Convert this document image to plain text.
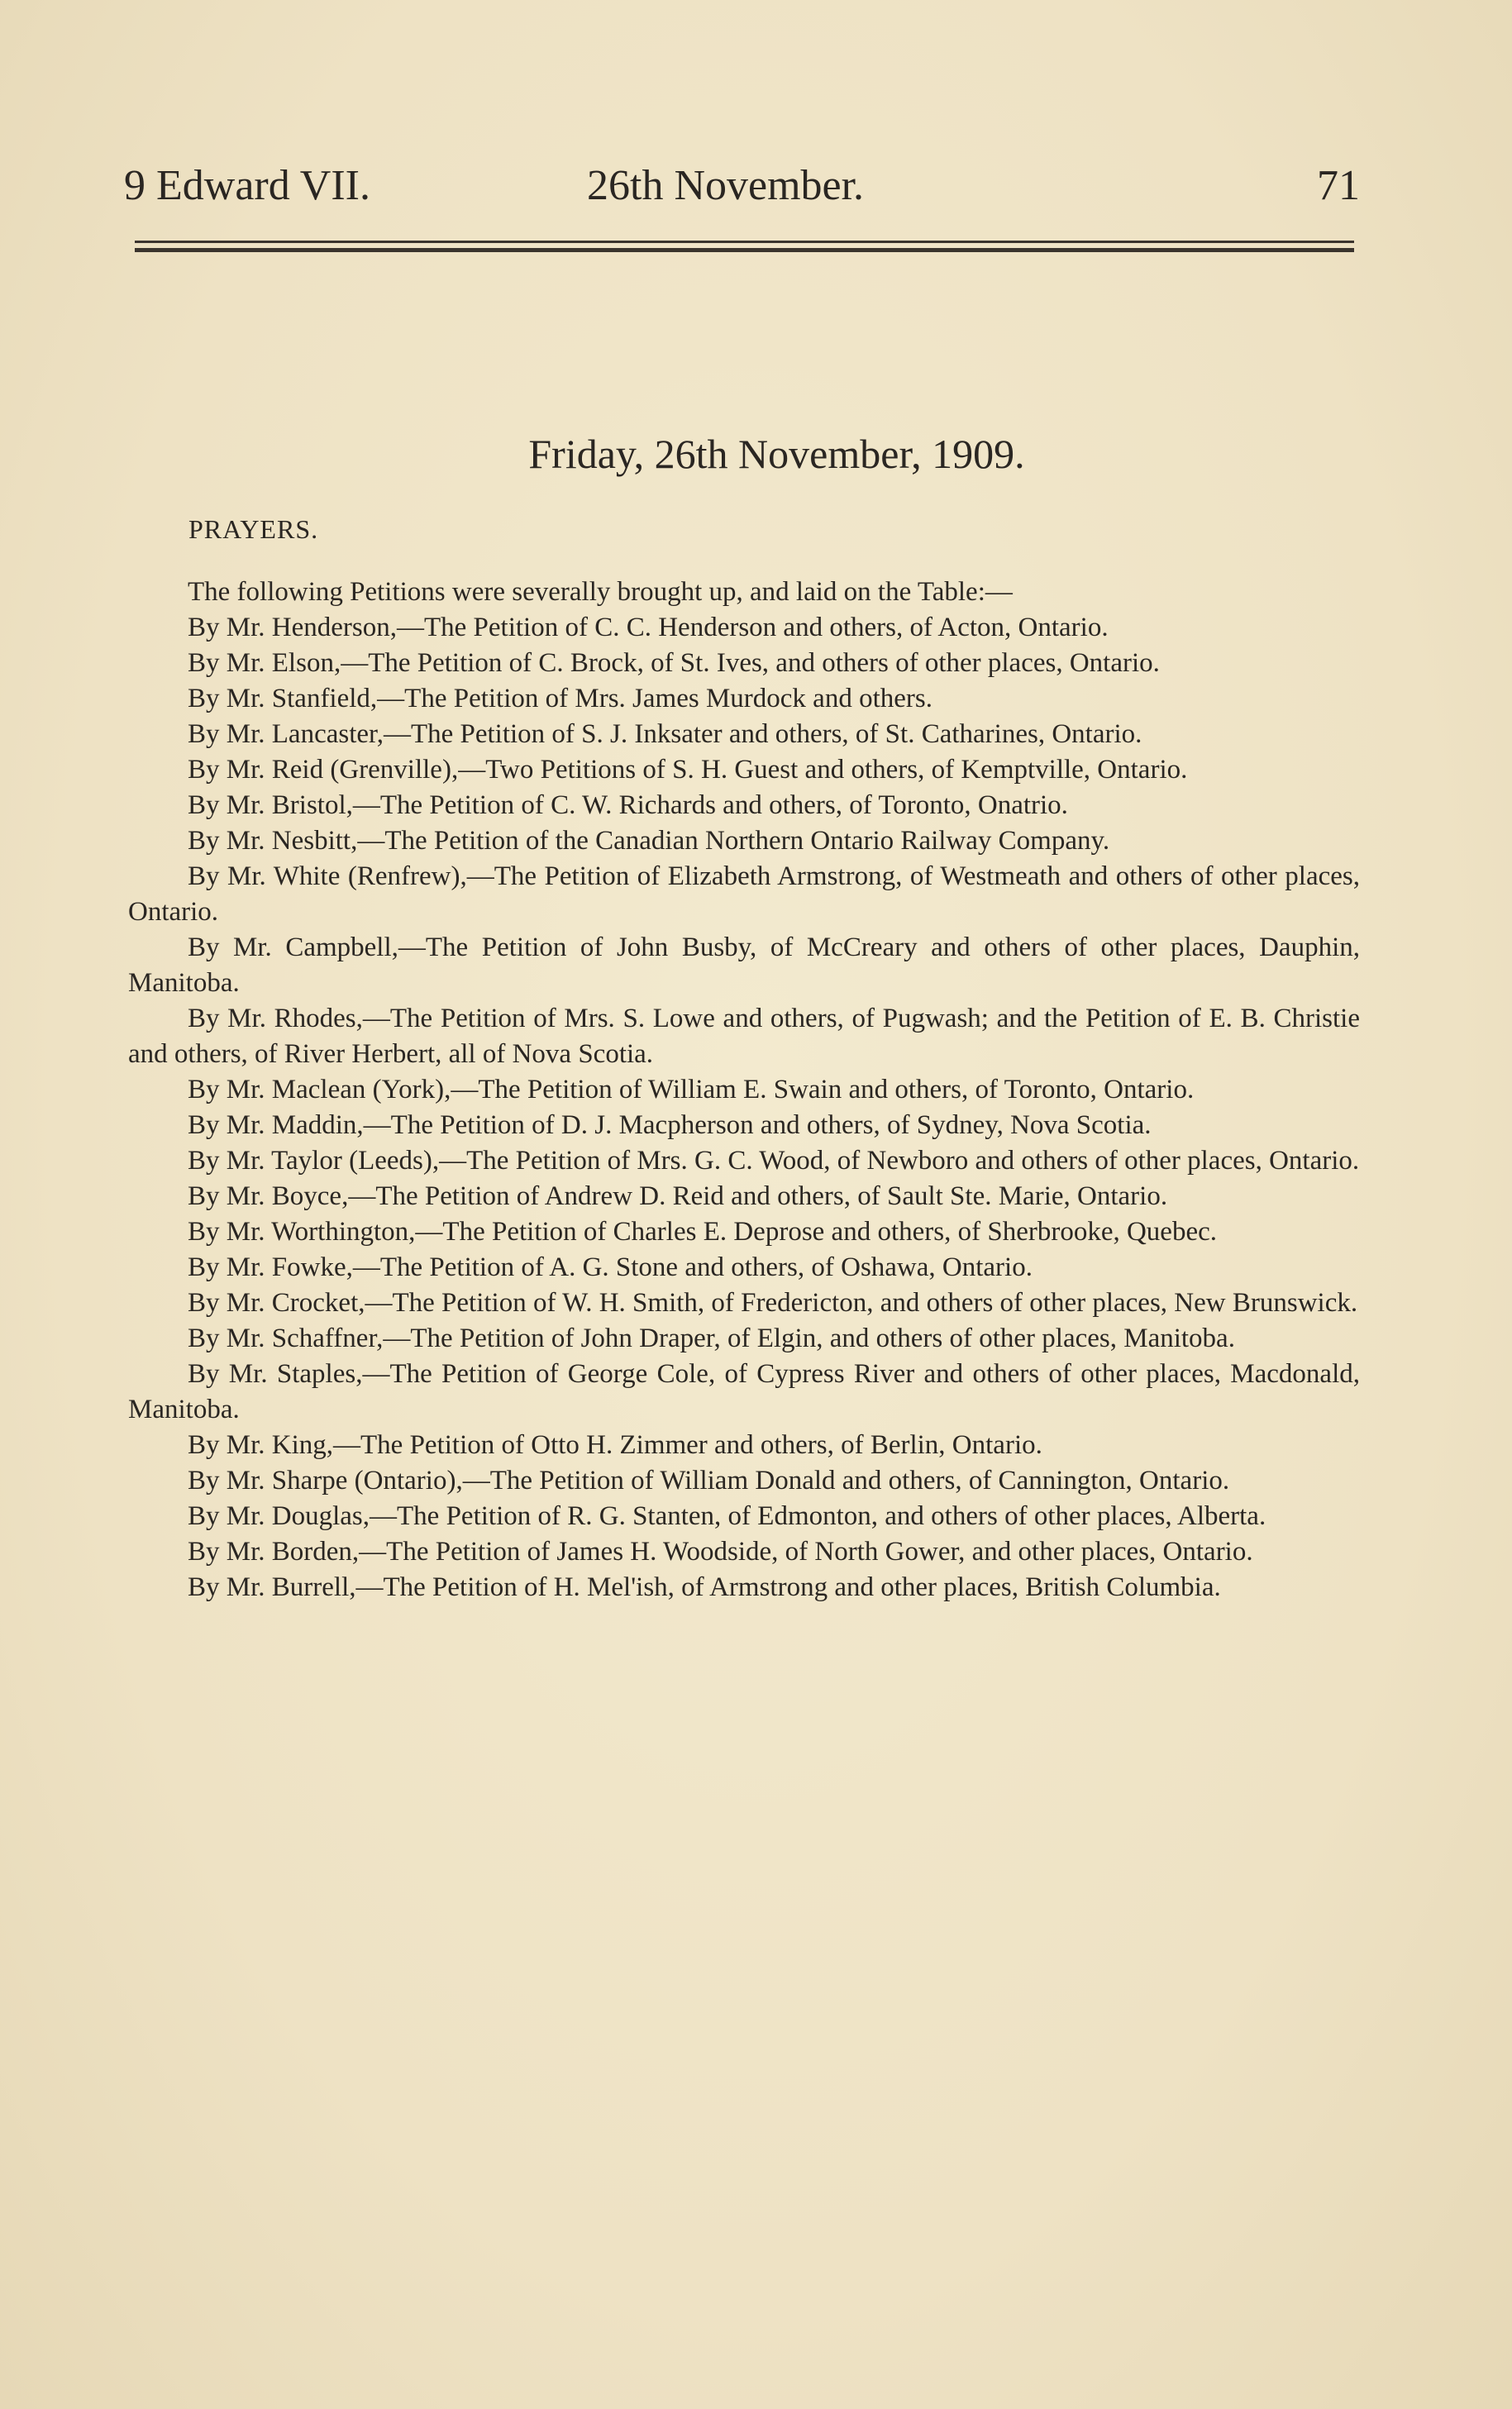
9 Edward VII.	26th November.	71
Friday, 26th November, 1909.
PRAYERS.

The following Petitions were severally brought up, and laid on the Table:—

By Mr. Henderson,—The Petition of C. C. Henderson and others, of Acton, Ontario.

By Mr. Elson,—The Petition of C. Brock, of St. Ives, and others of other places, Ontario.

By Mr. Stanfield,—The Petition of Mrs. James Murdock and others.

By Mr. Lancaster,—The Petition of S. J. Inksater and others, of St. Catharines, Ontario.

By Mr. Reid (Grenville),—Two Petitions of S. H. Guest and others, of Kemptville, Ontario.

By Mr. Bristol,—The Petition of C. W. Richards and others, of Toronto, Onatrio.

By Mr. Nesbitt,—The Petition of the Canadian Northern Ontario Railway Company.

By Mr. White (Renfrew),—The Petition of Elizabeth Armstrong, of Westmeath and others of other places, Ontario.

By Mr. Campbell,—The Petition of John Busby, of McCreary and others of other places, Dauphin, Manitoba.

By Mr. Rhodes,—The Petition of Mrs. S. Lowe and others, of Pugwash; and the Petition of E. B. Christie and others, of River Herbert, all of Nova Scotia.

By Mr. Maclean (York),—The Petition of William E. Swain and others, of Toronto, Ontario.

By Mr. Maddin,—The Petition of D. J. Macpherson and others, of Sydney, Nova Scotia.

By Mr. Taylor (Leeds),—The Petition of Mrs. G. C. Wood, of Newboro and others of other places, Ontario.

By Mr. Boyce,—The Petition of Andrew D. Reid and others, of Sault Ste. Marie, Ontario.

By Mr. Worthington,—The Petition of Charles E. Deprose and others, of Sherbrooke, Quebec.

By Mr. Fowke,—The Petition of A. G. Stone and others, of Oshawa, Ontario.

By Mr. Crocket,—The Petition of W. H. Smith, of Fredericton, and others of other places, New Brunswick.

By Mr. Schaffner,—The Petition of John Draper, of Elgin, and others of other places, Manitoba.

By Mr. Staples,—The Petition of George Cole, of Cypress River and others of other places, Macdonald, Manitoba.

By Mr. King,—The Petition of Otto H. Zimmer and others, of Berlin, Ontario.

By Mr. Sharpe (Ontario),—The Petition of William Donald and others, of Cannington, Ontario.

By Mr. Douglas,—The Petition of R. G. Stanten, of Edmonton, and others of other places, Alberta.

By Mr. Borden,—The Petition of James H. Woodside, of North Gower, and other places, Ontario.

By Mr. Burrell,—The Petition of H. Mel'ish, of Armstrong and other places, British Columbia.
